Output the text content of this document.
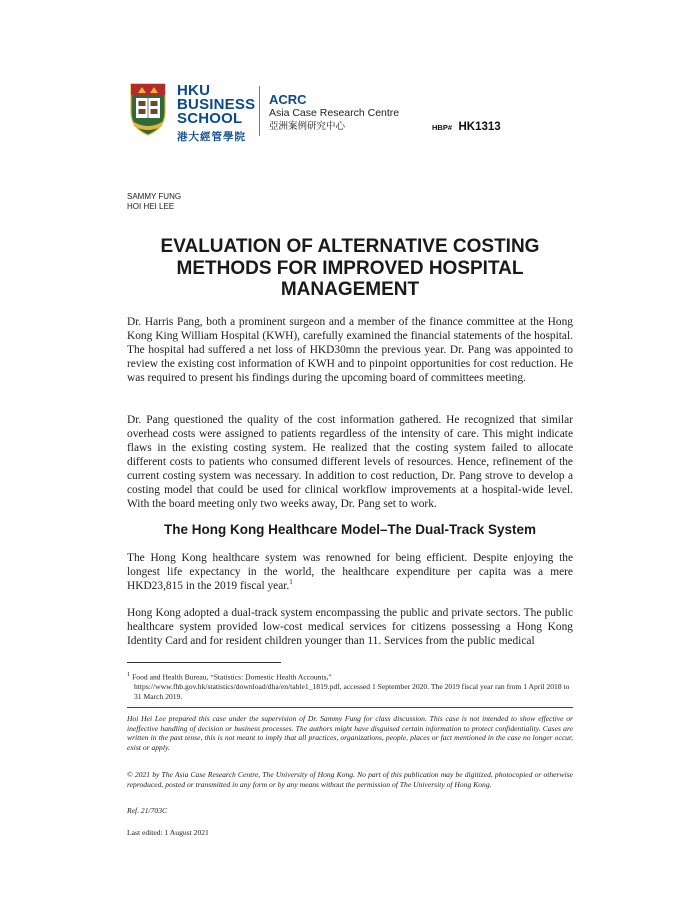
HKU
BUSINESS
SCHOOL
港大經管學院
ACRC
Asia Case Research Centre
亞洲案例研究中心	HBP# HK1313
SAMMY FUNG
HOI HEI LEE
EVALUATION OF ALTERNATIVE COSTING
METHODS FOR IMPROVED HOSPITAL
MANAGEMENT

Dr. Harris Pang, both a prominent surgeon and a member of the finance committee at the Hong Kong King William Hospital (KWH), carefully examined the financial statements of the hospital. The hospital had suffered a net loss of HKD30mn the previous year. Dr. Pang was appointed to review the existing cost information of KWH and to pinpoint opportunities for cost reduction. He was required to present his findings during the upcoming board of committees meeting.

Dr. Pang questioned the quality of the cost information gathered. He recognized that similar overhead costs were assigned to patients regardless of the intensity of care. This might indicate flaws in the existing costing system. He realized that the costing system failed to allocate different costs to patients who consumed different levels of resources. Hence, refinement of the current costing system was necessary. In addition to cost reduction, Dr. Pang strove to develop a costing model that could be used for clinical workflow improvements at a hospital-wide level. With the board meeting only two weeks away, Dr. Pang set to work.

The Hong Kong Healthcare Model–The Dual-Track System

The Hong Kong healthcare system was renowned for being efficient. Despite enjoying the longest life expectancy in the world, the healthcare expenditure per capita was a mere HKD23,815 in the 2019 fiscal year.$^1$

Hong Kong adopted a dual-track system encompassing the public and private sectors. The public healthcare system provided low-cost medical services for citizens possessing a Hong Kong Identity Card and for resident children younger than 11. Services from the public medical

$^1$ Food and Health Bureau, “Statistics: Domestic Health Accounts,”
https://www.fhb.gov.hk/statistics/download/dha/en/table1_1819.pdf, accessed 1 September 2020. The 2019 fiscal year ran from 1 April 2018 to 31 March 2019.
Hoi Hei Lee prepared this case under the supervision of Dr. Sammy Fung for class discussion. This case is not intended to show effective or ineffective handling of decision or business processes. The authors might have disguised certain information to protect confidentiality. Cases are written in the past tense, this is not meant to imply that all practices, organizations, people, places or fact mentioned in the case no longer occur, exist or apply.
© 2021 by The Asia Case Research Centre, The University of Hong Kong. No part of this publication may be digitized, photocopied or otherwise reproduced, posted or transmitted in any form or by any means without the permission of The University of Hong Kong.
Ref. 21/703C
Last edited: 1 August 2021
